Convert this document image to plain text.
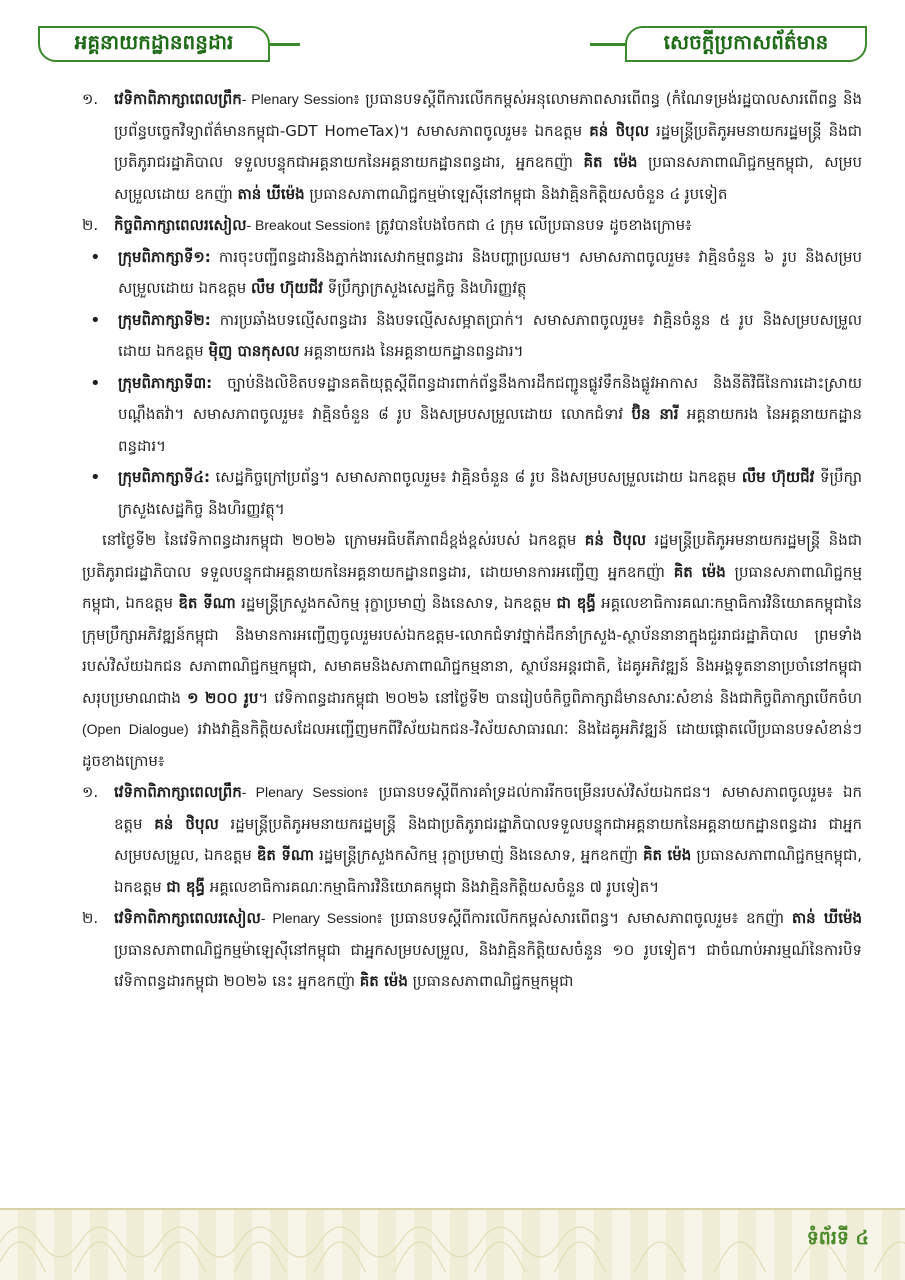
អគ្គនាយកដ្ឋានពន្ធដារ	សេចក្តីប្រកាសព័ត៌មាន

១. វេទិកាពិភាក្សាពេលព្រឹក- Plenary Session៖ ប្រធានបទស្តីពីការលើកកម្ពស់អនុលោមភាពសារពើពន្ធ (កំណែទម្រង់រដ្ឋបាលសារពើពន្ធ និងប្រព័ន្ធបច្ចេកវិទ្យាព័ត៌មានកម្ពុជា-GDT HomeTax)។ សមាសភាពចូលរួម៖ ឯកឧត្តម គន់ ថិបុល រដ្ឋមន្រ្តីប្រតិភូអមនាយករដ្ឋមន្រ្តី និងជាប្រតិភូរាជរដ្ឋាភិបាល ទទួលបន្ទុកជាអគ្គនាយកនៃអគ្គនាយកដ្ឋានពន្ធដារ, អ្នកឧកញ៉ា គិត ម៉េង ប្រធានសភាពាណិជ្ជកម្មកម្ពុជា, សម្របសម្រួលដោយ ឧកញ៉ា តាន់ ឃីម៉េង ប្រធានសភាពាណិជ្ជកម្មម៉ាឡេស៊ីនៅកម្ពុជា និងវាគ្មិនកិត្តិយសចំនួន ៤ រូបទៀត

២. កិច្ចពិភាក្សាពេលរសៀល- Breakout Session៖ ត្រូវបានបែងចែកជា ៤ ក្រុម លើប្រធានបទ ដូចខាងក្រោម៖

• ក្រុមពិភាក្សាទី១: ការចុះបញ្ជីពន្ធដារនិងភ្នាក់ងារសេវាកម្មពន្ធដារ និងបញ្ហាប្រឈម។ សមាសភាពចូលរួម៖ វាគ្មិនចំនួន ៦ រូប និងសម្របសម្រួលដោយ ឯកឧត្តម លឹម ហ៊ុយជីវ ទីប្រឹក្សាក្រសួងសេដ្ឋកិច្ច និងហិរញ្ញវត្ថុ

• ក្រុមពិភាក្សាទី២: ការប្រឆាំងបទល្មើសពន្ធដារ និងបទល្មើសសម្អាតប្រាក់។ សមាសភាពចូលរួម៖ វាគ្មិនចំនួន ៥ រូប និងសម្របសម្រួលដោយ ឯកឧត្តម ម៉ិញ បានកុសល អគ្គនាយករង នៃអគ្គនាយកដ្ឋានពន្ធដារ។

• ក្រុមពិភាក្សាទី៣: ច្បាប់និងលិខិតបទដ្ឋានគតិយុត្តស្តីពីពន្ធដារពាក់ព័ន្ធនឹងការដឹកជញ្ជូនផ្លូវទឹកនិងផ្លូវអាកាស និងនីតិវិធីនៃការដោះស្រាយបណ្តឹងតវ៉ា។ សមាសភាពចូលរួម៖ វាគ្មិនចំនួន ៨ រូប និងសម្របសម្រួលដោយ លោកជំទាវ ប៊ិន នារី អគ្គនាយករង នៃអគ្គនាយកដ្ឋានពន្ធដារ។

• ក្រុមពិភាក្សាទី៤: សេដ្ឋកិច្ចក្រៅប្រព័ន្ធ។ សមាសភាពចូលរួម៖ វាគ្មិនចំនួន ៨ រូប និងសម្របសម្រួលដោយ ឯកឧត្តម លឹម ហ៊ុយជីវ ទីប្រឹក្សាក្រសួងសេដ្ឋកិច្ច និងហិរញ្ញវត្ថុ។

នៅថ្ងៃទី២ នៃវេទិកាពន្ធដារកម្ពុជា ២០២៦ ក្រោមអធិបតីភាពដ៏ខ្ពង់ខ្ពស់របស់ ឯកឧត្តម គន់ ថិបុល រដ្ឋមន្រ្តីប្រតិភូអមនាយករដ្ឋមន្រ្តី និងជាប្រតិភូរាជរដ្ឋាភិបាល ទទួលបន្ទុកជាអគ្គនាយកនៃអគ្គនាយកដ្ឋានពន្ធដារ, ដោយមានការអញ្ជើញ អ្នកឧកញ៉ា គិត ម៉េង ប្រធានសភាពាណិជ្ជកម្មកម្ពុជា, ឯកឧត្តម ឌិត ទីណា រដ្ឋមន្រ្តីក្រសួងកសិកម្ម រុក្ខាប្រមាញ់ និងនេសាទ, ឯកឧត្តម ជា ឌុង្ធី អគ្គលេខាធិការគណៈកម្មាធិការវិនិយោគកម្ពុជានៃក្រុមប្រឹក្សាអភិវឌ្ឍន៍កម្ពុជា និងមានការអញ្ជើញចូលរួមរបស់ឯកឧត្តម-លោកជំទាវថ្នាក់ដឹកនាំក្រសួង-ស្ថាប័ននានាក្នុងជួររាជរដ្ឋាភិបាល ព្រមទាំងរបស់វិស័យឯកជន សភាពាណិជ្ជកម្មកម្ពុជា, សមាគមនិងសភាពាណិជ្ជកម្មនានា, ស្ថាប័នអន្តរជាតិ, ដៃគូអភិវឌ្ឍន៍ និងអង្គទូតនានាប្រចាំនៅកម្ពុជា សរុបប្រមាណជាង ១ ២០០ រូប។ វេទិកាពន្ធដារកម្ពុជា ២០២៦ នៅថ្ងៃទី២ បានរៀបចំកិច្ចពិភាក្សាដ៏មានសារៈសំខាន់ និងជាកិច្ចពិភាក្សាបើកចំហ (Open Dialogue) រវាងវាគ្មិនកិត្តិយសដែលអញ្ជើញមកពីវិស័យឯកជន-វិស័យសាធារណៈ និងដៃគូអភិវឌ្ឍន៍ ដោយផ្តោតលើប្រធានបទសំខាន់ៗ ដូចខាងក្រោម៖

១. វេទិកាពិភាក្សាពេលព្រឹក- Plenary Session៖ ប្រធានបទស្តីពីការគាំទ្រដល់ការរីកចម្រើនរបស់វិស័យឯកជន។ សមាសភាពចូលរួម៖ ឯកឧត្តម គន់ ថិបុល រដ្ឋមន្រ្តីប្រតិភូអមនាយករដ្ឋមន្រ្តី និងជាប្រតិភូរាជរដ្ឋាភិបាលទទួលបន្ទុកជាអគ្គនាយកនៃអគ្គនាយកដ្ឋានពន្ធដារ ជាអ្នកសម្របសម្រួល, ឯកឧត្តម ឌិត ទីណា រដ្ឋមន្រ្តីក្រសួងកសិកម្ម រុក្ខាប្រមាញ់ និងនេសាទ, អ្នកឧកញ៉ា គិត ម៉េង ប្រធានសភាពាណិជ្ជកម្មកម្ពុជា, ឯកឧត្តម ជា ឌុង្ធី អគ្គលេខាធិការគណៈកម្មាធិការវិនិយោគកម្ពុជា និងវាគ្មិនកិត្តិយសចំនួន ៧ រូបទៀត។

២. វេទិកាពិភាក្សាពេលរសៀល- Plenary Session៖ ប្រធានបទស្តីពីការលើកកម្ពស់សារពើពន្ធ។ សមាសភាពចូលរួម៖ ឧកញ៉ា តាន់ ឃីម៉េង ប្រធានសភាពាណិជ្ជកម្មម៉ាឡេស៊ីនៅកម្ពុជា ជាអ្នកសម្របសម្រួល, និងវាគ្មិនកិត្តិយសចំនួន ១០ រូបទៀត។ ជាចំណាប់អារម្មណ៍នៃការបិទវេទិកាពន្ធដារកម្ពុជា ២០២៦ នេះ អ្នកឧកញ៉ា គិត ម៉េង ប្រធានសភាពាណិជ្ជកម្មកម្ពុជា

ទំព័រទី ៤
